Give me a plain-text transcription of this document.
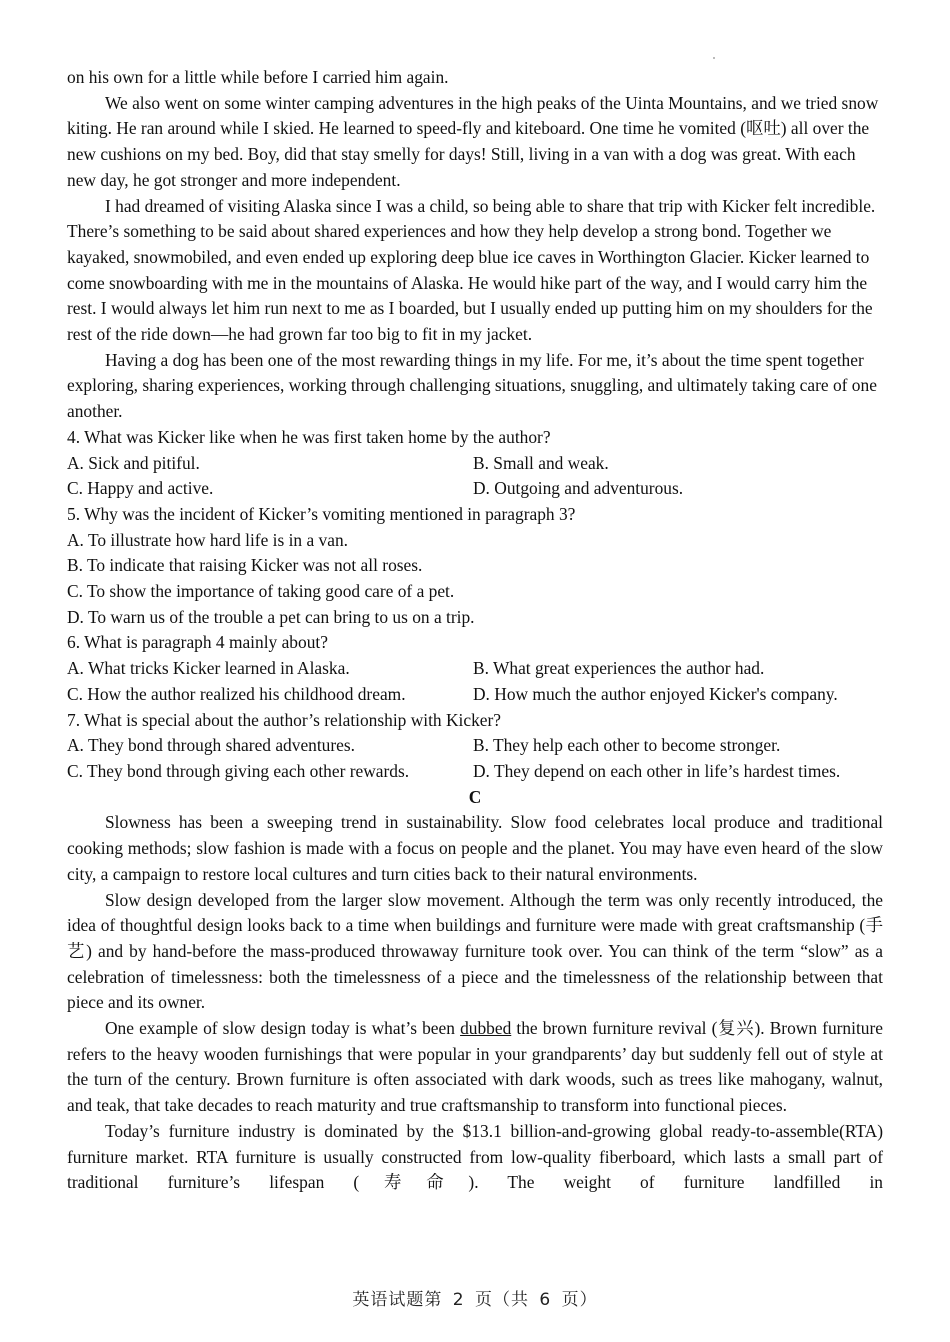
on his own for a little while before I carried him again.

We also went on some winter camping adventures in the high peaks of the Uinta Mountains, and we tried snow kiting. He ran around while I skied. He learned to speed-fly and kiteboard. One time he vomited (呕吐) all over the new cushions on my bed. Boy, did that stay smelly for days! Still, living in a van with a dog was great. With each new day, he got stronger and more independent.

I had dreamed of visiting Alaska since I was a child, so being able to share that trip with Kicker felt incredible. There’s something to be said about shared experiences and how they help develop a strong bond. Together we kayaked, snowmobiled, and even ended up exploring deep blue ice caves in Worthington Glacier. Kicker learned to come snowboarding with me in the mountains of Alaska. He would hike part of the way, and I would carry him the rest. I would always let him run next to me as I boarded, but I usually ended up putting him on my shoulders for the rest of the ride down—he had grown far too big to fit in my jacket.

Having a dog has been one of the most rewarding things in my life. For me, it’s about the time spent together exploring, sharing experiences, working through challenging situations, snuggling, and ultimately taking care of one another.

4. What was Kicker like when he was first taken home by the author?

A. Sick and pitiful.	B. Small and weak.
C. Happy and active.	D. Outgoing and adventurous.

5. Why was the incident of Kicker’s vomiting mentioned in paragraph 3?

A. To illustrate how hard life is in a van.

B. To indicate that raising Kicker was not all roses.

C. To show the importance of taking good care of a pet.

D. To warn us of the trouble a pet can bring to us on a trip.

6. What is paragraph 4 mainly about?

A. What tricks Kicker learned in Alaska.	B. What great experiences the author had.
C. How the author realized his childhood dream.	D. How much the author enjoyed Kicker's company.

7. What is special about the author’s relationship with Kicker?

A. They bond through shared adventures.	B. They help each other to become stronger.
C. They bond through giving each other rewards.	D. They depend on each other in life’s hardest times.

C

Slowness has been a sweeping trend in sustainability. Slow food celebrates local produce and traditional cooking methods; slow fashion is made with a focus on people and the planet. You may have even heard of the slow city, a campaign to restore local cultures and turn cities back to their natural environments.

Slow design developed from the larger slow movement. Although the term was only recently introduced, the idea of thoughtful design looks back to a time when buildings and furniture were made with great craftsmanship (手艺) and by hand-before the mass-produced throwaway furniture took over. You can think of the term “slow” as a celebration of timelessness: both the timelessness of a piece and the timelessness of the relationship between that piece and its owner.

One example of slow design today is what’s been dubbed the brown furniture revival (复兴). Brown furniture refers to the heavy wooden furnishings that were popular in your grandparents’ day but suddenly fell out of style at the turn of the century. Brown furniture is often associated with dark woods, such as trees like mahogany, walnut, and teak, that take decades to reach maturity and true craftsmanship to transform into functional pieces.

Today’s furniture industry is dominated by the $13.1 billion-and-growing global ready-to-assemble(RTA) furniture market. RTA furniture is usually constructed from low-quality fiberboard, which lasts a small part of traditional furniture’s lifespan (寿命). The weight of furniture landfilled in

英语试题第 2 页（共 6 页）
